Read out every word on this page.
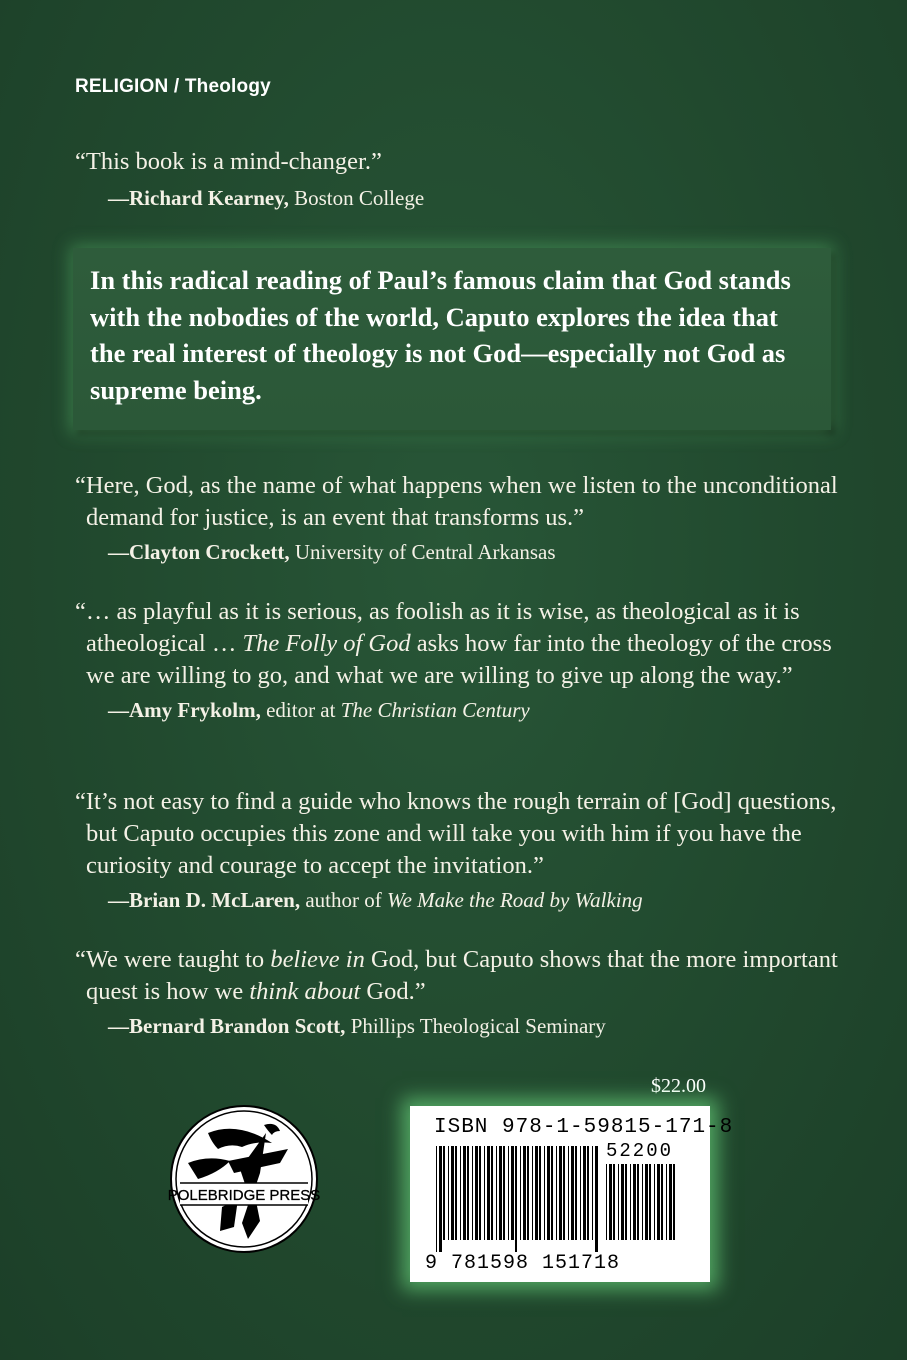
RELIGION / Theology

“This book is a mind-changer.”

—Richard Kearney, Boston College

In this radical reading of Paul’s famous claim that God stands with the nobodies of the world, Caputo explores the idea that the real interest of theology is not God—especially not God as supreme being.

“Here, God, as the name of what happens when we listen to the unconditional demand for justice, is an event that transforms us.”

—Clayton Crockett, University of Central Arkansas

“… as playful as it is serious, as foolish as it is wise, as theological as it is atheological … The Folly of God asks how far into the theology of the cross we are willing to go, and what we are willing to give up along the way.”

—Amy Frykolm, editor at The Christian Century

“It’s not easy to find a guide who knows the rough terrain of [God] questions, but Caputo occupies this zone and will take you with him if you have the curiosity and courage to accept the invitation.”

—Brian D. McLaren, author of We Make the Road by Walking

“We were taught to believe in God, but Caputo shows that the more important quest is how we think about God.”

—Bernard Brandon Scott, Phillips Theological Seminary

$22.00
ISBN 978-1-59815-171-8
52200
9 781598 151718
POLEBRIDGE PRESS
